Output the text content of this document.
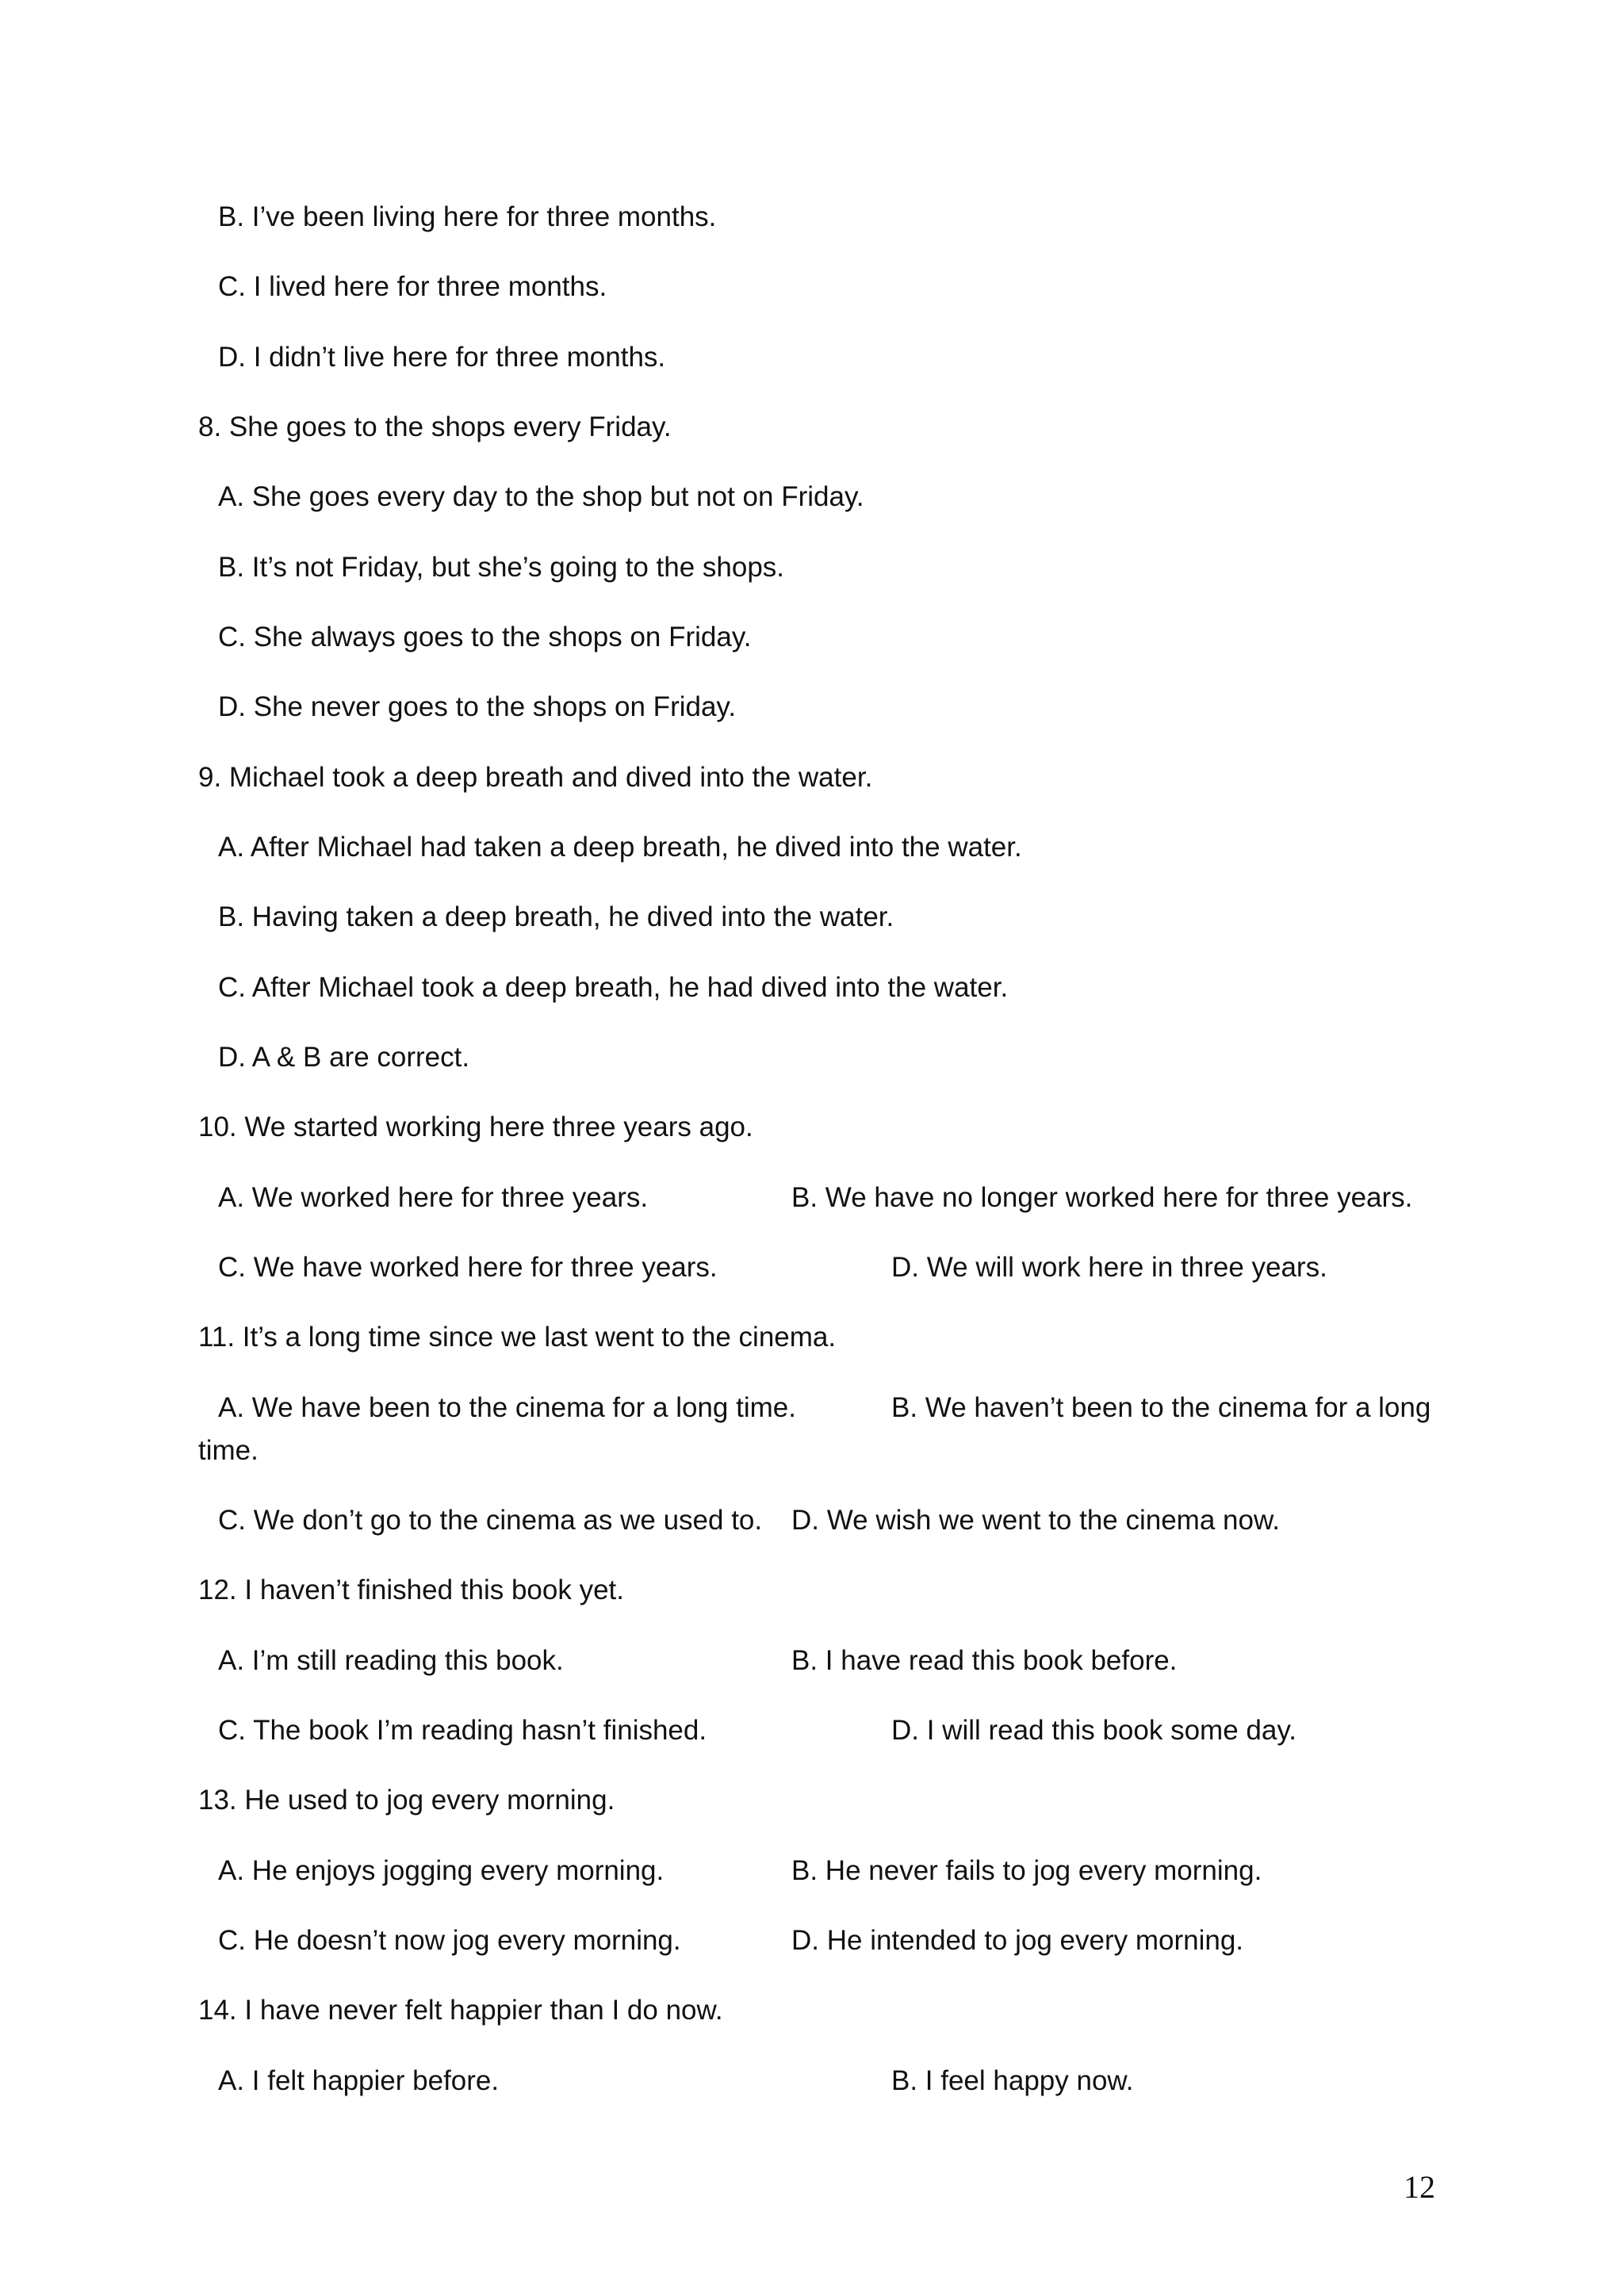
B. I’ve been living here for three months.

C. I lived here for three months.

D. I didn’t live here for three months.

8. She goes to the shops every Friday.

A. She goes every day to the shop but not on Friday.

B. It’s not Friday, but she’s going to the shops.

C. She always goes to the shops on Friday.

D. She never goes to the shops on Friday.

9. Michael took a deep breath and dived into the water.

A. After Michael had taken a deep breath, he dived into the water.

B. Having taken a deep breath, he dived into the water.

C. After Michael took a deep breath, he had dived into the water.

D. A & B are correct.

10. We started working here three years ago.

A. We worked here for three years.	B. We have no longer worked here for three years.

C. We have worked here for three years.	D. We will work here in three years.

11. It’s a long time since we last went to the cinema.

A. We have been to the cinema for a long time.	B. We haven’t been to the cinema for a long

time.

C. We don’t go to the cinema as we used to. D. We wish we went to the cinema now.

12. I haven’t finished this book yet.

A. I’m still reading this book.	B. I have read this book before.

C. The book I’m reading hasn’t finished.	D. I will read this book some day.

13. He used to jog every morning.

A. He enjoys jogging every morning.	B. He never fails to jog every morning.

C. He doesn’t now jog every morning.	D. He intended to jog every morning.

14. I have never felt happier than I do now.

A. I felt happier before.	B. I feel happy now.

12
